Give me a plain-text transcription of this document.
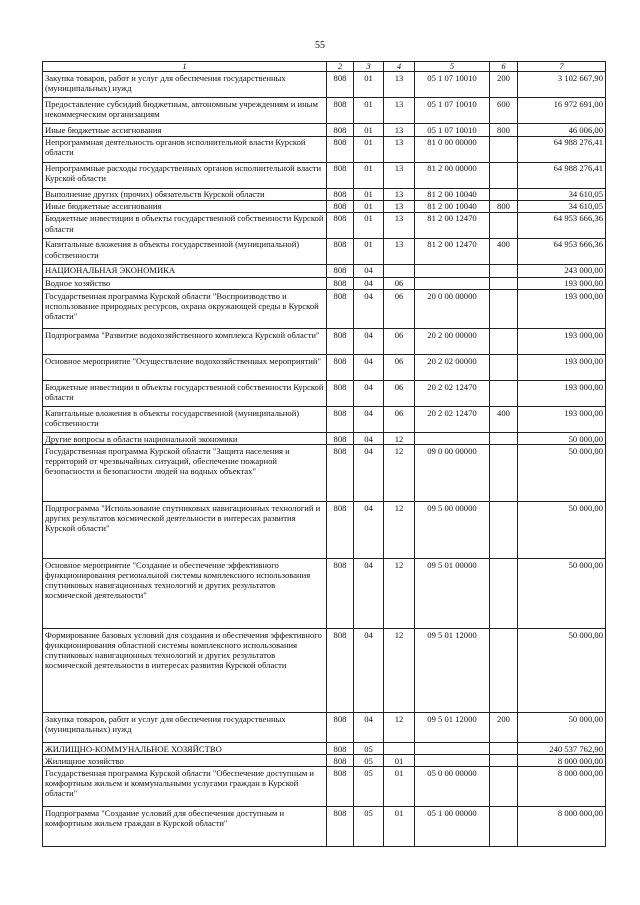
55
1	2	3	4	5	6	7
Закупка товаров, работ и услуг для обеспечения государственных (муниципальных) нужд	808	01	13	05 1 07 10010	200	3 102 667,90
Предоставление субсидий бюджетным, автономным учреждениям и иным некоммерческим организациям	808	01	13	05 1 07 10010	600	16 972 691,00
Иные бюджетные ассигнования	808	01	13	05 1 07 10010	800	46 006,00
Непрограммная деятельность органов исполнительной власти Курской области	808	01	13	81 0 00 00000		64 988 276,41
Непрограммные расходы государственных органов исполнительной власти Курской области	808	01	13	81 2 00 00000		64 988 276,41
Выполнение других (прочих) обязательств Курской области	808	01	13	81 2 00 10040		34 610,05
Иные бюджетные ассигнования	808	01	13	81 2 00 10040	800	34 610,05
Бюджетные инвестиции в объекты государственной собственности Курской области	808	01	13	81 2 00 12470		64 953 666,36
Капитальные вложения в объекты государственной (муниципальной) собственности	808	01	13	81 2 00 12470	400	64 953 666,36
НАЦИОНАЛЬНАЯ ЭКОНОМИКА	808	04				243 000,00
Водное хозяйство	808	04	06			193 000,00
Государственная программа Курской области "Воспроизводство и использование природных ресурсов, охрана окружающей среды в Курской области"	808	04	06	20 0 00 00000		193 000,00
Подпрограмма "Развитие водохозяйственного комплекса Курской области"	808	04	06	20 2 00 00000		193 000,00
Основное мероприятие "Осуществление водохозяйственных мероприятий"	808	04	06	20 2 02 00000		193 000,00
Бюджетные инвестиции в объекты государственной собственности Курской области	808	04	06	20 2 02 12470		193 000,00
Капитальные вложения в объекты государственной (муниципальной) собственности	808	04	06	20 2 02 12470	400	193 000,00
Другие вопросы в области национальной экономики	808	04	12			50 000,00
Государственная программа Курской области "Защита населения и территорий от чрезвычайных ситуаций, обеспечение пожарной безопасности и безопасности людей на водных объектах"	808	04	12	09 0 00 00000		50 000,00
Подпрограмма "Использование спутниковых навигационных технологий и других результатов космической деятельности в интересах развития Курской области"	808	04	12	09 5 00 00000		50 000,00
Основное мероприятие "Создание и обеспечение эффективного функционирования региональной системы комплексного использования спутниковых навигационных технологий и других результатов космической деятельности"	808	04	12	09 5 01 00000		50 000,00
Формирование базовых условий для создания и обеспечения эффективного функционирования областной системы комплексного использования спутниковых навигационных технологий и других результатов космической деятельности в интересах развития Курской области	808	04	12	09 5 01 12000		50 000,00
Закупка товаров, работ и услуг для обеспечения государственных (муниципальных) нужд	808	04	12	09 5 01 12000	200	50 000,00
ЖИЛИЩНО-КОММУНАЛЬНОЕ ХОЗЯЙСТВО	808	05				240 537 762,90
Жилищное хозяйство	808	05	01			8 000 000,00
Государственная программа Курской области "Обеспечение доступным и комфортным жильем и коммунальными услугами граждан в Курской области"	808	05	01	05 0 00 00000		8 000 000,00
Подпрограмма "Создание условий для обеспечения доступным и комфортным жильем граждан в Курской области"	808	05	01	05 1 00 00000		8 000 000,00
